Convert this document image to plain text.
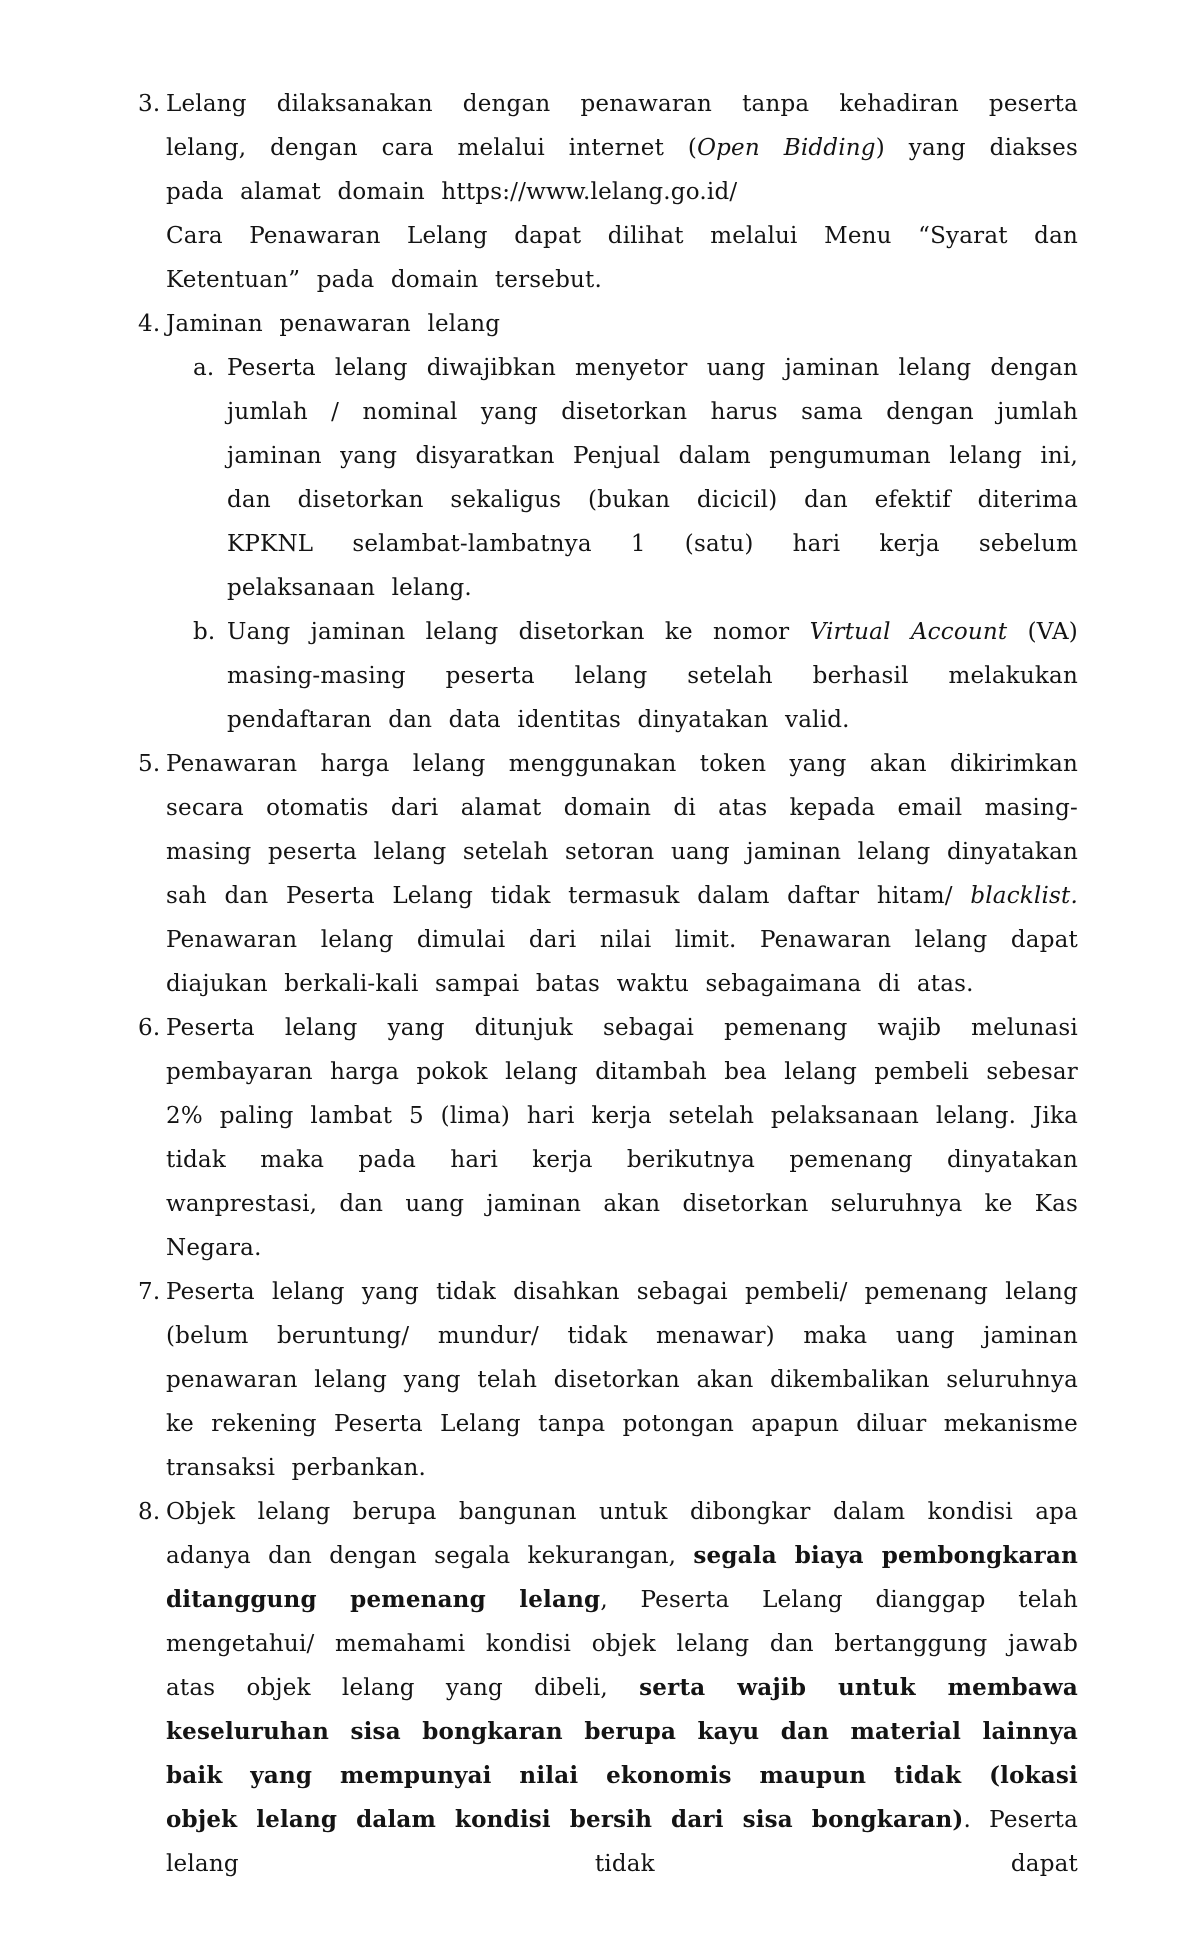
3. Lelang dilaksanakan dengan penawaran tanpa kehadiran peserta lelang, dengan cara melalui internet (Open Bidding) yang diakses pada alamat domain https://www.lelang.go.id/
Cara Penawaran Lelang dapat dilihat melalui Menu “Syarat dan Ketentuan” pada domain tersebut.
4. Jaminan penawaran lelang
a. Peserta lelang diwajibkan menyetor uang jaminan lelang dengan jumlah / nominal yang disetorkan harus sama dengan jumlah jaminan yang disyaratkan Penjual dalam pengumuman lelang ini, dan disetorkan sekaligus (bukan dicicil) dan efektif diterima KPKNL selambat-lambatnya 1 (satu) hari kerja sebelum pelaksanaan lelang.
b. Uang jaminan lelang disetorkan ke nomor Virtual Account (VA) masing-masing peserta lelang setelah berhasil melakukan pendaftaran dan data identitas dinyatakan valid.
5. Penawaran harga lelang menggunakan token yang akan dikirimkan secara otomatis dari alamat domain di atas kepada email masing-masing peserta lelang setelah setoran uang jaminan lelang dinyatakan sah dan Peserta Lelang tidak termasuk dalam daftar hitam/ blacklist. Penawaran lelang dimulai dari nilai limit. Penawaran lelang dapat diajukan berkali-kali sampai batas waktu sebagaimana di atas.
6. Peserta lelang yang ditunjuk sebagai pemenang wajib melunasi pembayaran harga pokok lelang ditambah bea lelang pembeli sebesar 2% paling lambat 5 (lima) hari kerja setelah pelaksanaan lelang. Jika tidak maka pada hari kerja berikutnya pemenang dinyatakan wanprestasi, dan uang jaminan akan disetorkan seluruhnya ke Kas Negara.
7. Peserta lelang yang tidak disahkan sebagai pembeli/ pemenang lelang (belum beruntung/ mundur/ tidak menawar) maka uang jaminan penawaran lelang yang telah disetorkan akan dikembalikan seluruhnya ke rekening Peserta Lelang tanpa potongan apapun diluar mekanisme transaksi perbankan.
8. Objek lelang berupa bangunan untuk dibongkar dalam kondisi apa adanya dan dengan segala kekurangan, segala biaya pembongkaran ditanggung pemenang lelang, Peserta Lelang dianggap telah mengetahui/ memahami kondisi objek lelang dan bertanggung jawab atas objek lelang yang dibeli, serta wajib untuk membawa keseluruhan sisa bongkaran berupa kayu dan material lainnya baik yang mempunyai nilai ekonomis maupun tidak (lokasi objek lelang dalam kondisi bersih dari sisa bongkaran). Peserta lelang tidak dapat
